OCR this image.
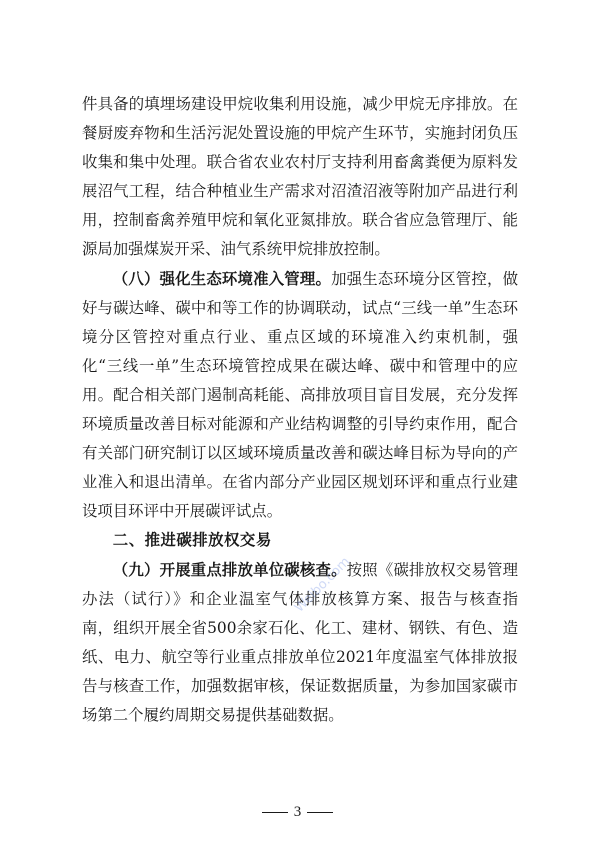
件具备的填埋场建设甲烷收集利用设施，减少甲烷无序排放。在餐厨废弃物和生活污泥处置设施的甲烷产生环节，实施封闭负压收集和集中处理。联合省农业农村厅支持利用畜禽粪便为原料发展沼气工程，结合种植业生产需求对沼渣沼液等附加产品进行利用，控制畜禽养殖甲烷和氧化亚氮排放。联合省应急管理厅、能源局加强煤炭开采、油气系统甲烷排放控制。

（八）强化生态环境准入管理。加强生态环境分区管控，做好与碳达峰、碳中和等工作的协调联动，试点“三线一单”生态环境分区管控对重点行业、重点区域的环境准入约束机制，强化“三线一单”生态环境管控成果在碳达峰、碳中和管理中的应用。配合相关部门遏制高耗能、高排放项目盲目发展，充分发挥环境质量改善目标对能源和产业结构调整的引导约束作用，配合有关部门研究制订以区域环境质量改善和碳达峰目标为导向的产业准入和退出清单。在省内部分产业园区规划环评和重点行业建设项目环评中开展碳评试点。

二、推进碳排放权交易

（九）开展重点排放单位碳核查。按照《碳排放权交易管理办法（试行）》和企业温室气体排放核算方案、报告与核查指南，组织开展全省500余家石化、化工、建材、钢铁、有色、造纸、电力、航空等行业重点排放单位2021年度温室气体排放报告与核查工作，加强数据审核，保证数据质量，为参加国家碳市场第二个履约周期交易提供基础数据。

3
Weibo.com
